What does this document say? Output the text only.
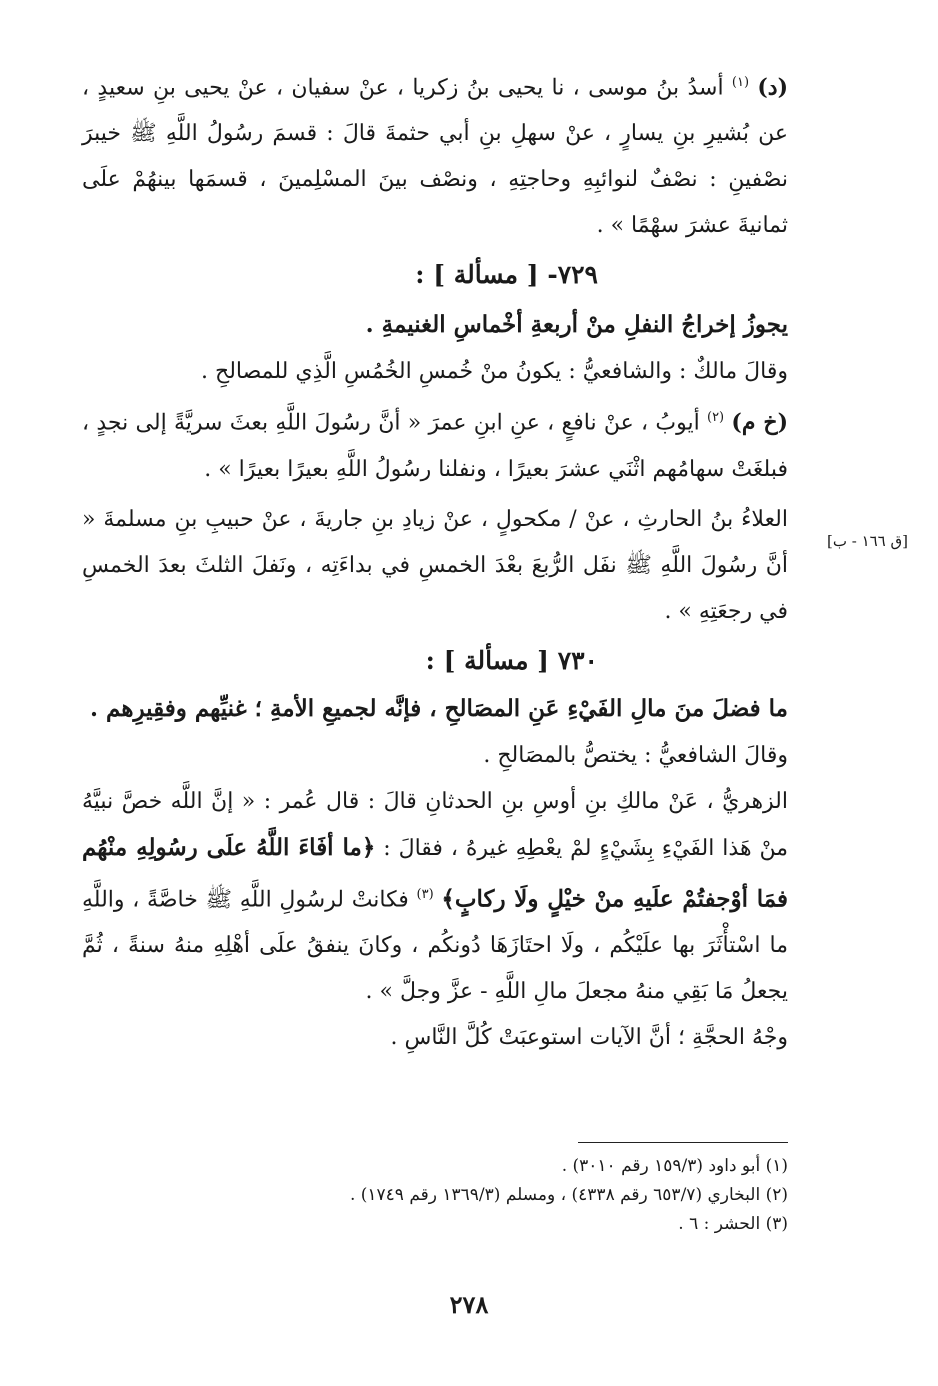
(د) $^{(١)}$ أسدُ بنُ موسى ، نا يحيى بنُ زكريا ، عنْ سفيان ، عنْ يحيى بنِ سعيدٍ ، عن بُشيرِ بنِ يسارٍ ، عنْ سهلِ بنِ أبي حثمةَ قالَ : قسمَ رسُولُ اللَّهِ ﷺ خيبرَ نصْفينِ : نصْفٌ لنوائبِهِ وحاجتِهِ ، ونصْف بينَ المسْلِمينَ ، قسمَها بينهُمْ علَى ثمانيةَ عشرَ سهْمًا » .

٧٢٩- [ مسألة ] :

يجوزُ إخراجُ النفلِ منْ أربعةِ أخْماسِ الغنيمةِ .

وقالَ مالكٌ : والشافعيُّ : يكونُ منْ خُمسِ الخُمُسِ الَّذِي للمصالحِ .

(خ م) $^{(٢)}$ أيوبُ ، عنْ نافعٍ ، عنِ ابنِ عمرَ « أنَّ رسُولَ اللَّهِ بعثَ سريَّةً إلى نجدٍ ، فبلغَتْ سهامُهم اثْنَي عشرَ بعيرًا ، ونفلنا رسُولُ اللَّهِ بعيرًا بعيرًا » .

العلاءُ بنُ الحارثِ ، عنْ / مكحولٍ ، عنْ زيادِ بنِ جاريةَ ، عنْ حبيبِ بنِ مسلمةَ « أنَّ رسُولَ اللَّهِ ﷺ نفَل الرُّبعَ بعْدَ الخمسِ في بداءَتِه ، ونَفلَ الثلثَ بعدَ الخمسِ في رجعَتِهِ » .

٧٣٠ [ مسألة ] :

ما فضلَ منَ مالِ الفَيْءِ عَنِ المصَالحِ ، فإنَّه لجميعِ الأمةِ ؛ غنيِّهم وفقِيرِهم .

وقالَ الشافعيُّ : يختصُّ بالمصَالحِ .

الزهريُّ ، عَنْ مالكِ بنِ أوسِ بنِ الحدثانِ قالَ : قال عُمر : « إنَّ اللَّه خصَّ نبيَّهُ منْ هَذا الفَيْءِ بِشَيْءٍ لمْ يعْطِهِ غيرهُ ، فقالَ : ﴿ما أفَاءَ اللَّهُ علَى رسُولِهِ منْهُم فمَا أوْجفتُمْ علَيهِ منْ خيْلٍ ولَا ركابٍ﴾ $^{(٣)}$ فكانتْ لرسُولِ اللَّهِ ﷺ خاصَّةً ، واللَّهِ ما اسْتأْثَرَ بها علَيْكُم ، ولَا احتَازَهَا دُونكُم ، وكانَ ينفقُ علَى أهْلِهِ منهُ سنةً ، ثُمَّ يجعلُ مَا بَقِي منهُ مجعلَ مالِ اللَّهِ - عزَّ وجلَّ » .

وجْهُ الحجَّةِ ؛ أنَّ الآيات استوعبَتْ كُلَّ النَّاسِ .

[ق ١٦٦ - ب]
(١) أبو داود (١٥٩/٣ رقم ٣٠١٠) .
(٢) البخاري (٦٥٣/٧ رقم ٤٣٣٨) ، ومسلم (١٣٦٩/٣ رقم ١٧٤٩) .
(٣) الحشر : ٦ .
٢٧٨
